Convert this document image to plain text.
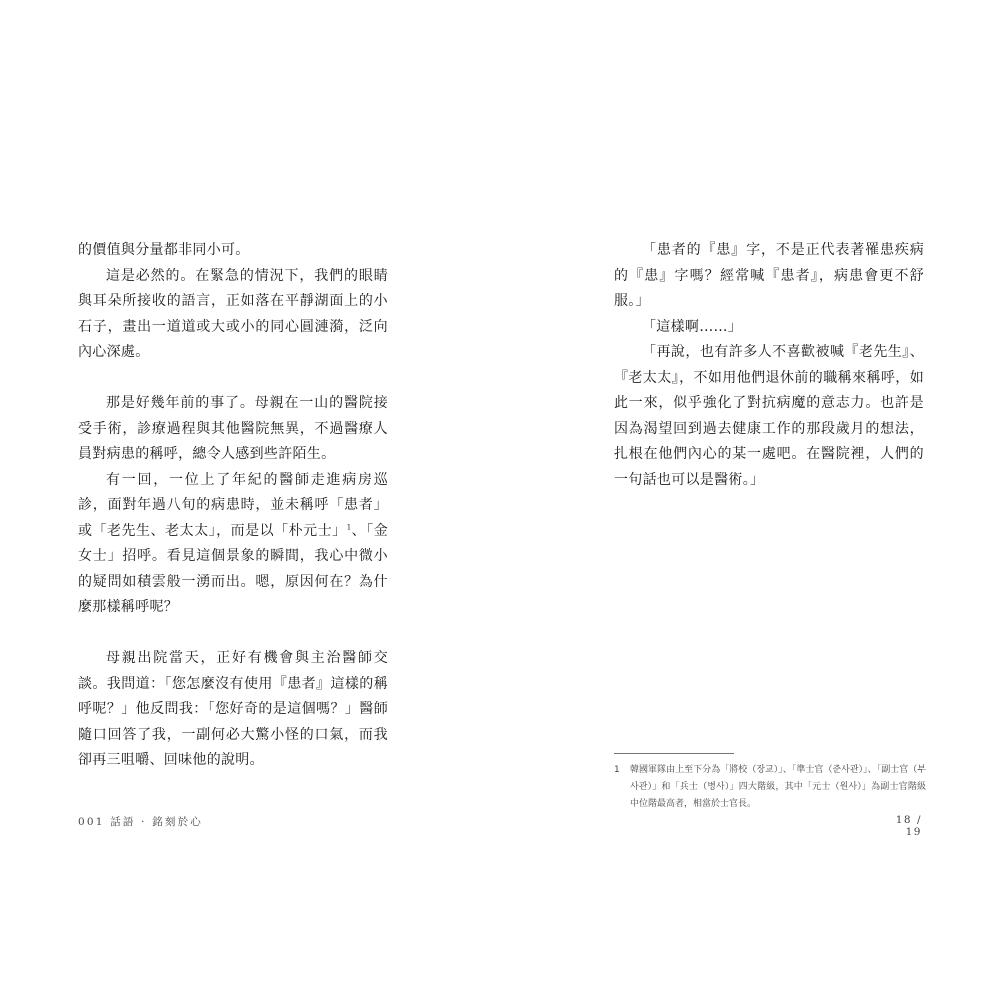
的價值與分量都非同小可。

這是必然的。在緊急的情況下，我們的眼睛與耳朵所接收的語言，正如落在平靜湖面上的小石子，畫出一道道或大或小的同心圓漣漪，泛向內心深處。

那是好幾年前的事了。母親在一山的醫院接受手術，診療過程與其他醫院無異，不過醫療人員對病患的稱呼，總令人感到些許陌生。

有一回，一位上了年紀的醫師走進病房巡診，面對年過八旬的病患時，並未稱呼「患者」或「老先生、老太太」，而是以「朴元士」$^1$、「金女士」招呼。看見這個景象的瞬間，我心中微小的疑問如積雲般一湧而出。嗯，原因何在？為什麼那樣稱呼呢？

母親出院當天，正好有機會與主治醫師交談。我問道：「您怎麼沒有使用『患者』這樣的稱呼呢？」他反問我：「您好奇的是這個嗎？」醫師隨口回答了我，一副何必大驚小怪的口氣，而我卻再三咀嚼、回味他的說明。

001 話語 · 銘刻於心

「患者的『患』字，不是正代表著罹患疾病的『患』字嗎？經常喊『患者』，病患會更不舒服。」

「這樣啊……」

「再說，也有許多人不喜歡被喊『老先生』、『老太太』，不如用他們退休前的職稱來稱呼，如此一來，似乎強化了對抗病魔的意志力。也許是因為渴望回到過去健康工作的那段歲月的想法，扎根在他們內心的某一處吧。在醫院裡，人們的一句話也可以是醫術。」

1 韓國軍隊由上至下分為「將校（장교）」、「準士官（준사관）」、「副士官（부사관）」和「兵士（병사）」四大階級，其中「元士（원사）」為副士官階級中位階最高者，相當於士官長。
18 / 19
